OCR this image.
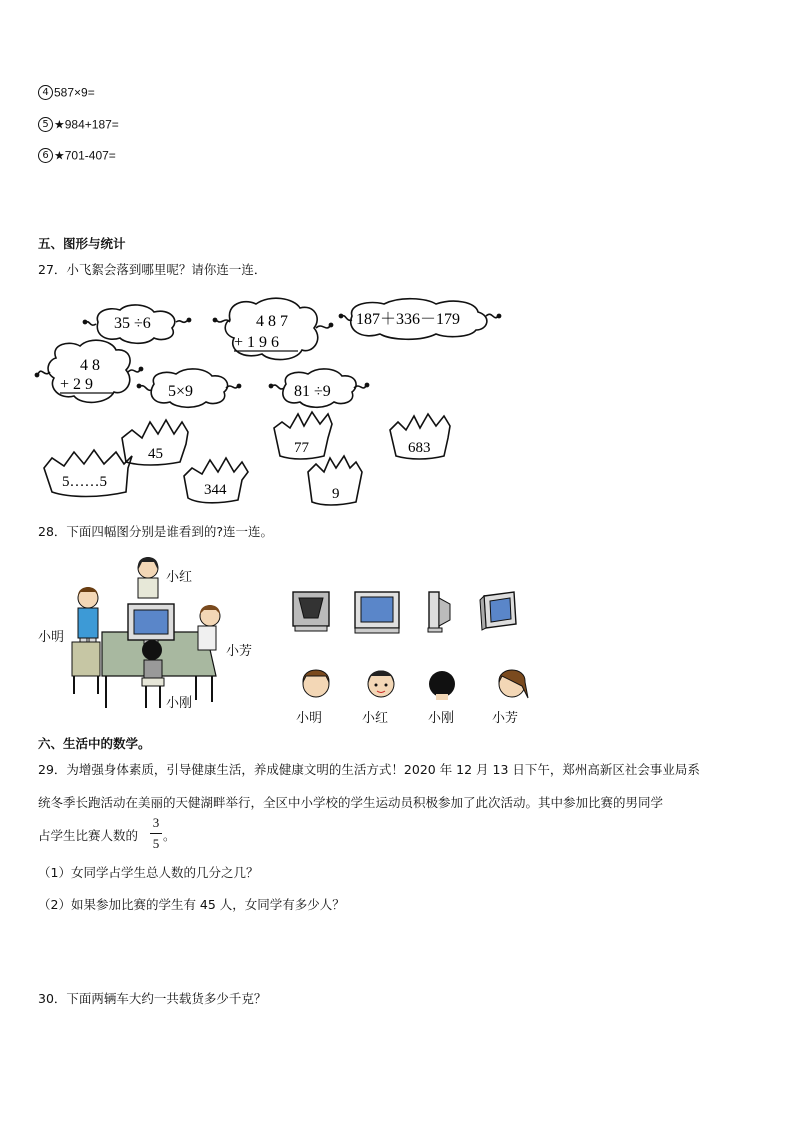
4 587×9=
5 ★984+187=
6 ★701-407=
五、图形与统计
27．小飞絮会落到哪里呢？请你连一连．
35 ÷6	4 8 7
+ 1 9 6
187＋336－179
4 8
+ 2 9	5×9	81 ÷9
5……5
45
344
77
9
683
28．下面四幅图分别是谁看到的?连一连。
小红
小明
小芳
小刚
小明	小红	小刚	小芳
六、生活中的数学。
29．为增强身体素质，引导健康生活，养成健康文明的生活方式！2020 年 12 月 13 日下午，郑州高新区社会事业局系
统冬季长跑活动在美丽的天健湖畔举行，全区中小学校的学生运动员积极参加了此次活动。其中参加比赛的男同学
占学生比赛人数的
3
5
。
（1）女同学占学生总人数的几分之几？
（2）如果参加比赛的学生有 45 人，女同学有多少人？
30．下面两辆车大约一共载货多少千克？
